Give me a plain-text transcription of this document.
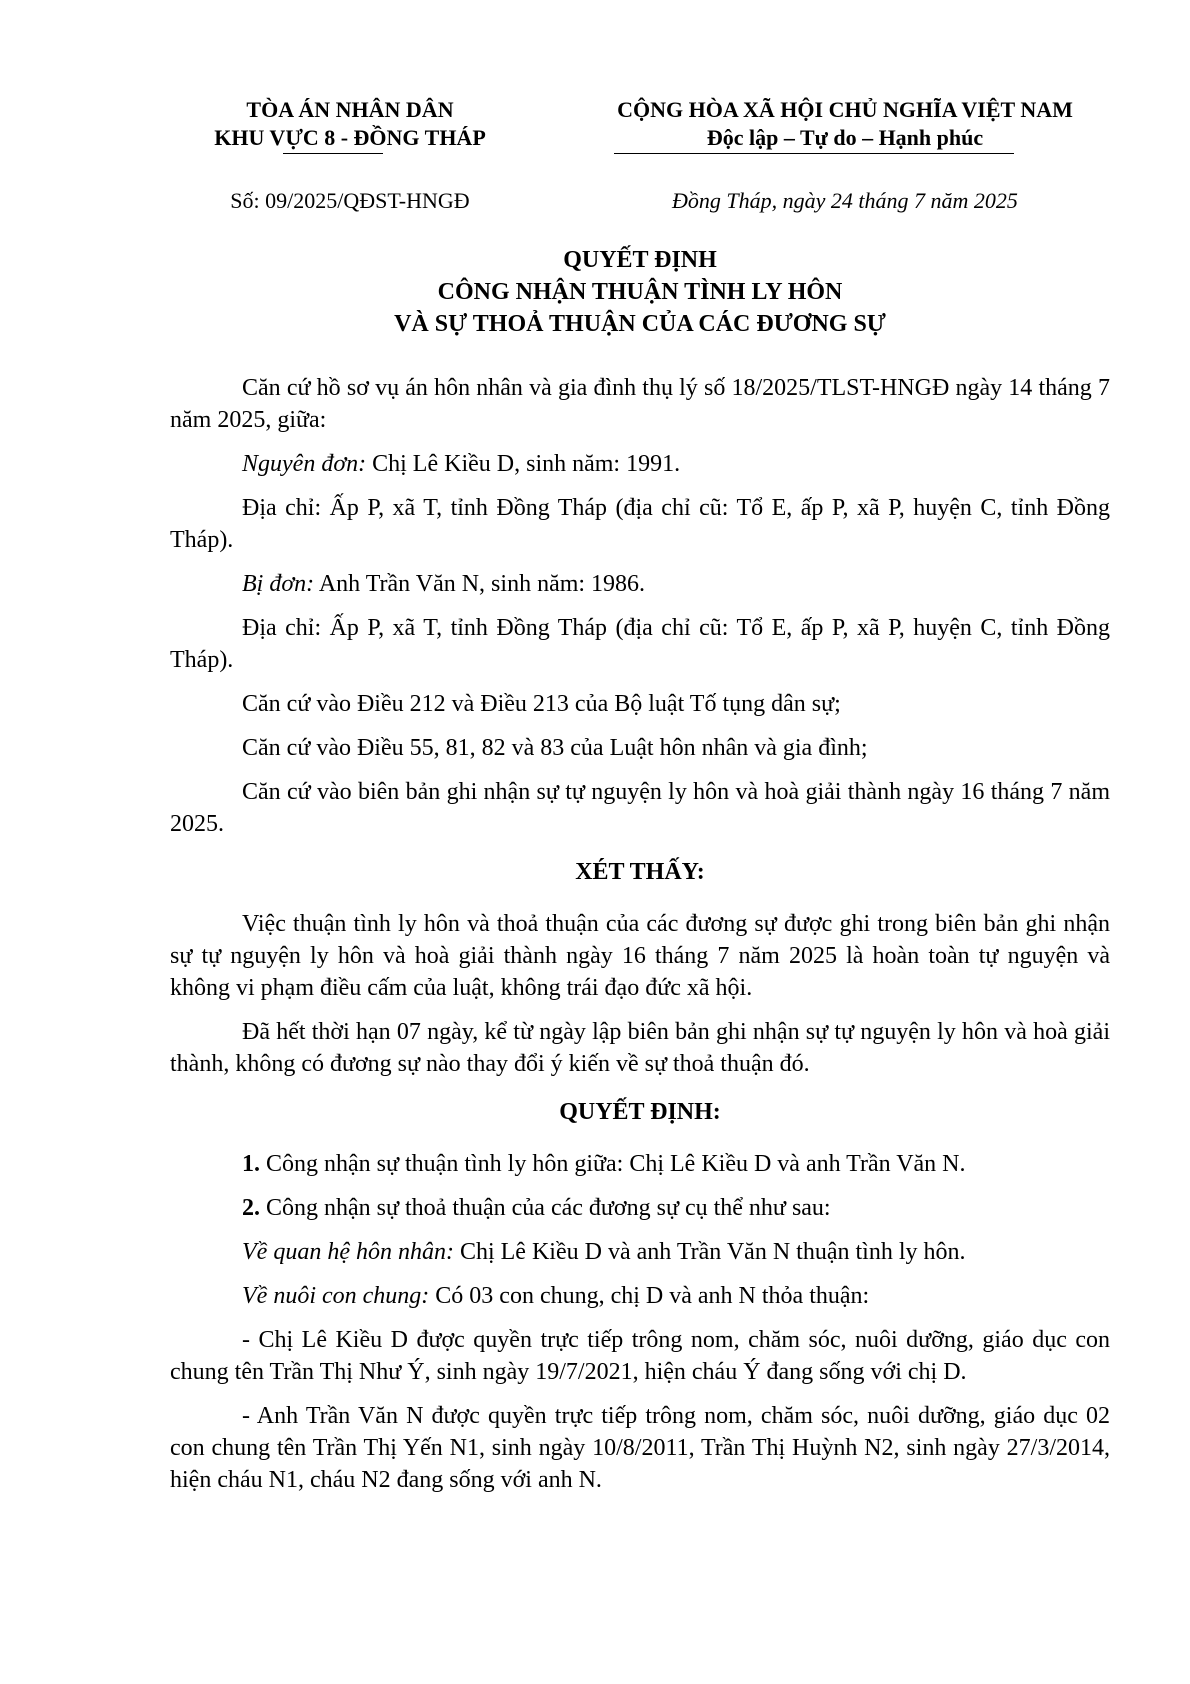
TÒA ÁN NHÂN DÂN
KHU VỰC 8 - ĐỒNG THÁP
CỘNG HÒA XÃ HỘI CHỦ NGHĨA VIỆT NAM
Độc lập – Tự do – Hạnh phúc
Số: 09/2025/QĐST-HNGĐ	Đồng Tháp, ngày 24 tháng 7 năm 2025
QUYẾT ĐỊNH
CÔNG NHẬN THUẬN TÌNH LY HÔN
VÀ SỰ THOẢ THUẬN CỦA CÁC ĐƯƠNG SỰ

Căn cứ hồ sơ vụ án hôn nhân và gia đình thụ lý số 18/2025/TLST-HNGĐ ngày 14 tháng 7 năm 2025, giữa:

Nguyên đơn: Chị Lê Kiều D, sinh năm: 1991.

Địa chỉ: Ấp P, xã T, tỉnh Đồng Tháp (địa chỉ cũ: Tổ E, ấp P, xã P, huyện C, tỉnh Đồng Tháp).

Bị đơn: Anh Trần Văn N, sinh năm: 1986.

Địa chỉ: Ấp P, xã T, tỉnh Đồng Tháp (địa chỉ cũ: Tổ E, ấp P, xã P, huyện C, tỉnh Đồng Tháp).

Căn cứ vào Điều 212 và Điều 213 của Bộ luật Tố tụng dân sự;

Căn cứ vào Điều 55, 81, 82 và 83 của Luật hôn nhân và gia đình;

Căn cứ vào biên bản ghi nhận sự tự nguyện ly hôn và hoà giải thành ngày 16 tháng 7 năm 2025.

XÉT THẤY:

Việc thuận tình ly hôn và thoả thuận của các đương sự được ghi trong biên bản ghi nhận sự tự nguyện ly hôn và hoà giải thành ngày 16 tháng 7 năm 2025 là hoàn toàn tự nguyện và không vi phạm điều cấm của luật, không trái đạo đức xã hội.

Đã hết thời hạn 07 ngày, kể từ ngày lập biên bản ghi nhận sự tự nguyện ly hôn và hoà giải thành, không có đương sự nào thay đổi ý kiến về sự thoả thuận đó.

QUYẾT ĐỊNH:

1. Công nhận sự thuận tình ly hôn giữa: Chị Lê Kiều D và anh Trần Văn N.

2. Công nhận sự thoả thuận của các đương sự cụ thể như sau:

Về quan hệ hôn nhân: Chị Lê Kiều D và anh Trần Văn N thuận tình ly hôn.

Về nuôi con chung: Có 03 con chung, chị D và anh N thỏa thuận:

- Chị Lê Kiều D được quyền trực tiếp trông nom, chăm sóc, nuôi dưỡng, giáo dục con chung tên Trần Thị Như Ý, sinh ngày 19/7/2021, hiện cháu Ý đang sống với chị D.

- Anh Trần Văn N được quyền trực tiếp trông nom, chăm sóc, nuôi dưỡng, giáo dục 02 con chung tên Trần Thị Yến N1, sinh ngày 10/8/2011, Trần Thị Huỳnh N2, sinh ngày 27/3/2014, hiện cháu N1, cháu N2 đang sống với anh N.
